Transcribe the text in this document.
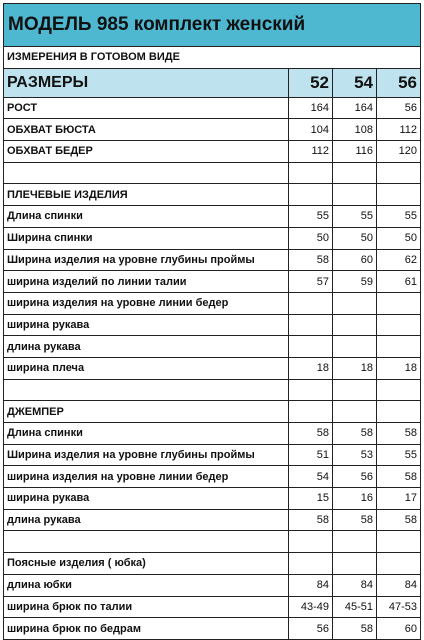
МОДЕЛЬ 985 комплект женский			
ИЗМЕРЕНИЯ В ГОТОВОМ ВИДЕ			
РАЗМЕРЫ	52	54	56
РОСТ	164	164	56
ОБХВАТ БЮСТА	104	108	112
ОБХВАТ БЕДЕР	112	116	120

ПЛЕЧЕВЫЕ ИЗДЕЛИЯ			
Длина спинки	55	55	55
Ширина спинки	50	50	50
Ширина изделия на уровне глубины проймы	58	60	62
ширина изделий по линии талии	57	59	61
ширина изделия на уровне линии бедер			
ширина рукава			
длина рукава			
ширина плеча	18	18	18

ДЖЕМПЕР			
Длина спинки	58	58	58
Ширина изделия на уровне глубины проймы	51	53	55
ширина изделия на уровне линии бедер	54	56	58
ширина рукава	15	16	17
длина рукава	58	58	58

Поясные изделия ( юбка)			
длина юбки	84	84	84
ширина брюк по талии	43-49	45-51	47-53
ширина брюк по бедрам	56	58	60
